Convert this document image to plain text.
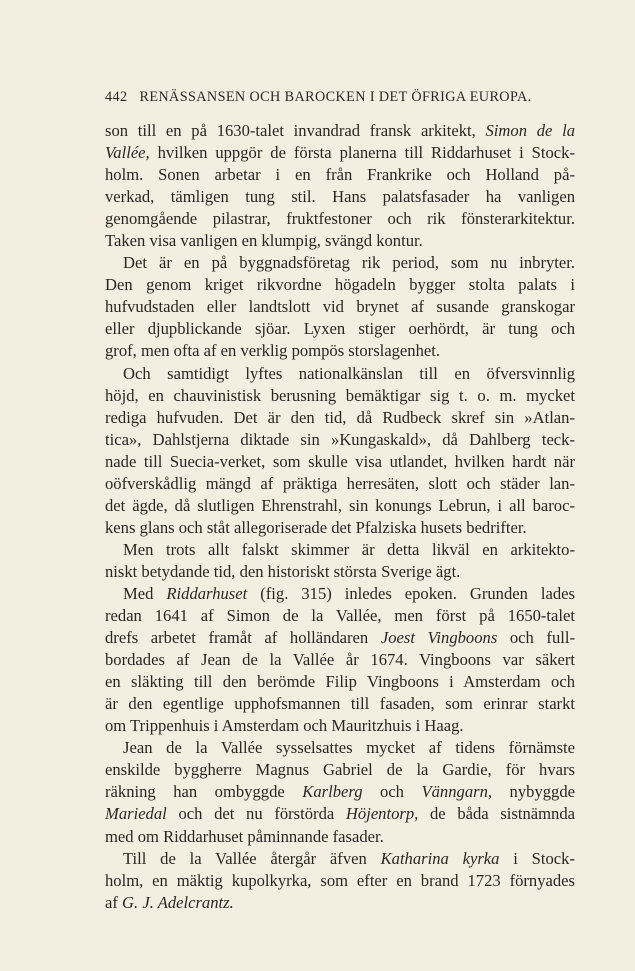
442 RENÄSSANSEN OCH BAROCKEN I DET ÖFRIGA EUROPA.
son till en på 1630-talet invandrad fransk arkitekt, Simon de la
Vallée, hvilken uppgör de första planerna till Riddarhuset i Stock-
holm. Sonen arbetar i en från Frankrike och Holland på-
verkad, tämligen tung stil. Hans palatsfasader ha vanligen
genomgående pilastrar, fruktfestoner och rik fönsterarkitektur.
Taken visa vanligen en klumpig, svängd kontur.
Det är en på byggnadsföretag rik period, som nu inbryter.
Den genom kriget rikvordne högadeln bygger stolta palats i
hufvudstaden eller landtslott vid brynet af susande granskogar
eller djupblickande sjöar. Lyxen stiger oerhördt, är tung och
grof, men ofta af en verklig pompös storslagenhet.
Och samtidigt lyftes nationalkänslan till en öfversvinnlig
höjd, en chauvinistisk berusning bemäktigar sig t. o. m. mycket
rediga hufvuden. Det är den tid, då Rudbeck skref sin »Atlan-
tica», Dahlstjerna diktade sin »Kungaskald», då Dahlberg teck-
nade till Suecia-verket, som skulle visa utlandet, hvilken hardt när
oöfverskådlig mängd af präktiga herresäten, slott och städer lan-
det ägde, då slutligen Ehrenstrahl, sin konungs Lebrun, i all baroc-
kens glans och ståt allegoriserade det Pfalziska husets bedrifter.
Men trots allt falskt skimmer är detta likväl en arkitekto-
niskt betydande tid, den historiskt största Sverige ägt.
Med Riddarhuset (fig. 315) inledes epoken. Grunden lades
redan 1641 af Simon de la Vallée, men först på 1650-talet
drefs arbetet framåt af holländaren Joest Vingboons och full-
bordades af Jean de la Vallée år 1674. Vingboons var säkert
en släkting till den berömde Filip Vingboons i Amsterdam och
är den egentlige upphofsmannen till fasaden, som erinrar starkt
om Trippenhuis i Amsterdam och Mauritzhuis i Haag.
Jean de la Vallée sysselsattes mycket af tidens förnämste
enskilde byggherre Magnus Gabriel de la Gardie, för hvars
räkning han ombyggde Karlberg och Vänngarn, nybyggde
Mariedal och det nu förstörda Höjentorp, de båda sistnämnda
med om Riddarhuset påminnande fasader.
Till de la Vallée återgår äfven Katharina kyrka i Stock-
holm, en mäktig kupolkyrka, som efter en brand 1723 förnyades
af G. J. Adelcrantz.
